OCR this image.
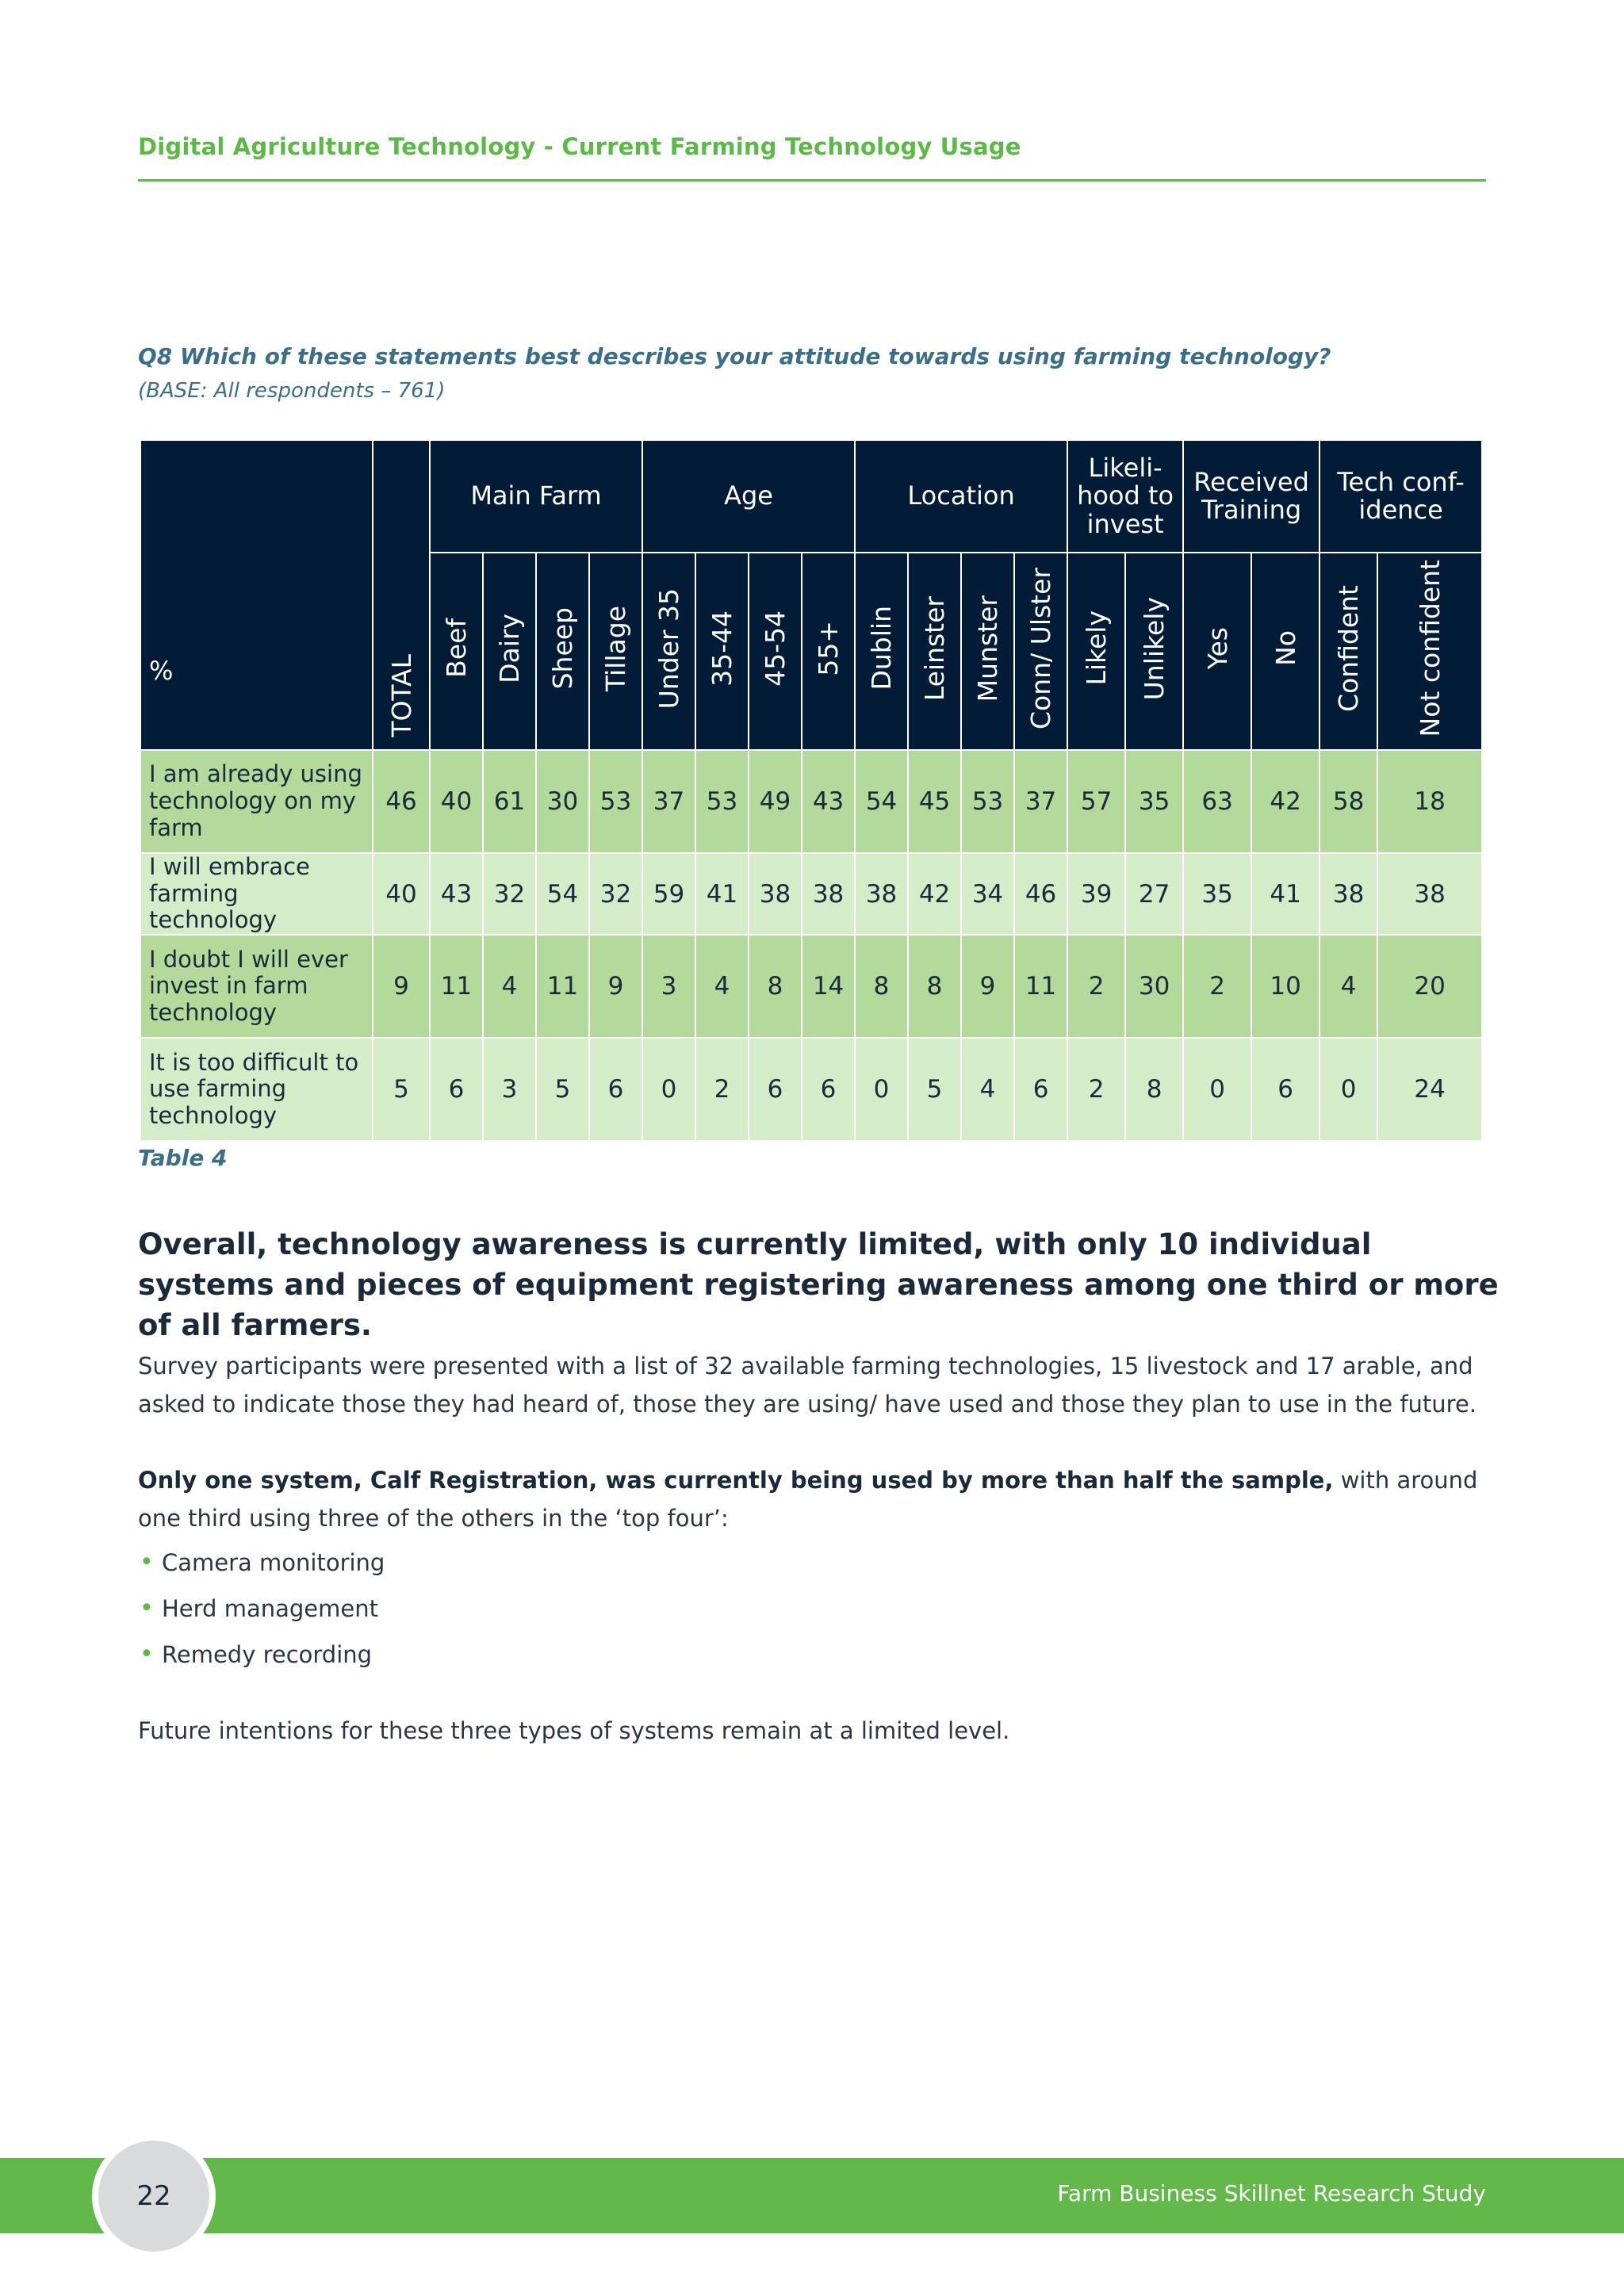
Digital Agriculture Technology - Current Farming Technology Usage
Q8 Which of these statements best describes your attitude towards using farming technology?
(BASE: All respondents – 761)
%	TOTAL	Main Farm				Age				Location				Likeli-hood to invest		Received Training		Tech conf-idence	
		Beef	Dairy	Sheep	Tillage	Under 35	35-44	45-54	55+	Dublin	Leinster	Munster	Conn/ Ulster	Likely	Unlikely	Yes	No	Confident	Not confident
I am already using technology on my farm	46	40	61	30	53	37	53	49	43	54	45	53	37	57	35	63	42	58	18
I will embrace farming technology	40	43	32	54	32	59	41	38	38	38	42	34	46	39	27	35	41	38	38
I doubt I will ever invest in farm technology	9	11	4	11	9	3	4	8	14	8	8	9	11	2	30	2	10	4	20
It is too difficult to use farming technology	5	6	3	5	6	0	2	6	6	0	5	4	6	2	8	0	6	0	24
Table 4
Overall, technology awareness is currently limited, with only 10 individual systems and pieces of equipment registering awareness among one third or more of all farmers.
Survey participants were presented with a list of 32 available farming technologies, 15 livestock and 17 arable, and asked to indicate those they had heard of, those they are using/ have used and those they plan to use in the future.
Only one system, Calf Registration, was currently being used by more than half the sample, with around one third using three of the others in the ‘top four’:
• Camera monitoring
• Herd management
• Remedy recording
Future intentions for these three types of systems remain at a limited level.
22	Farm Business Skillnet Research Study
